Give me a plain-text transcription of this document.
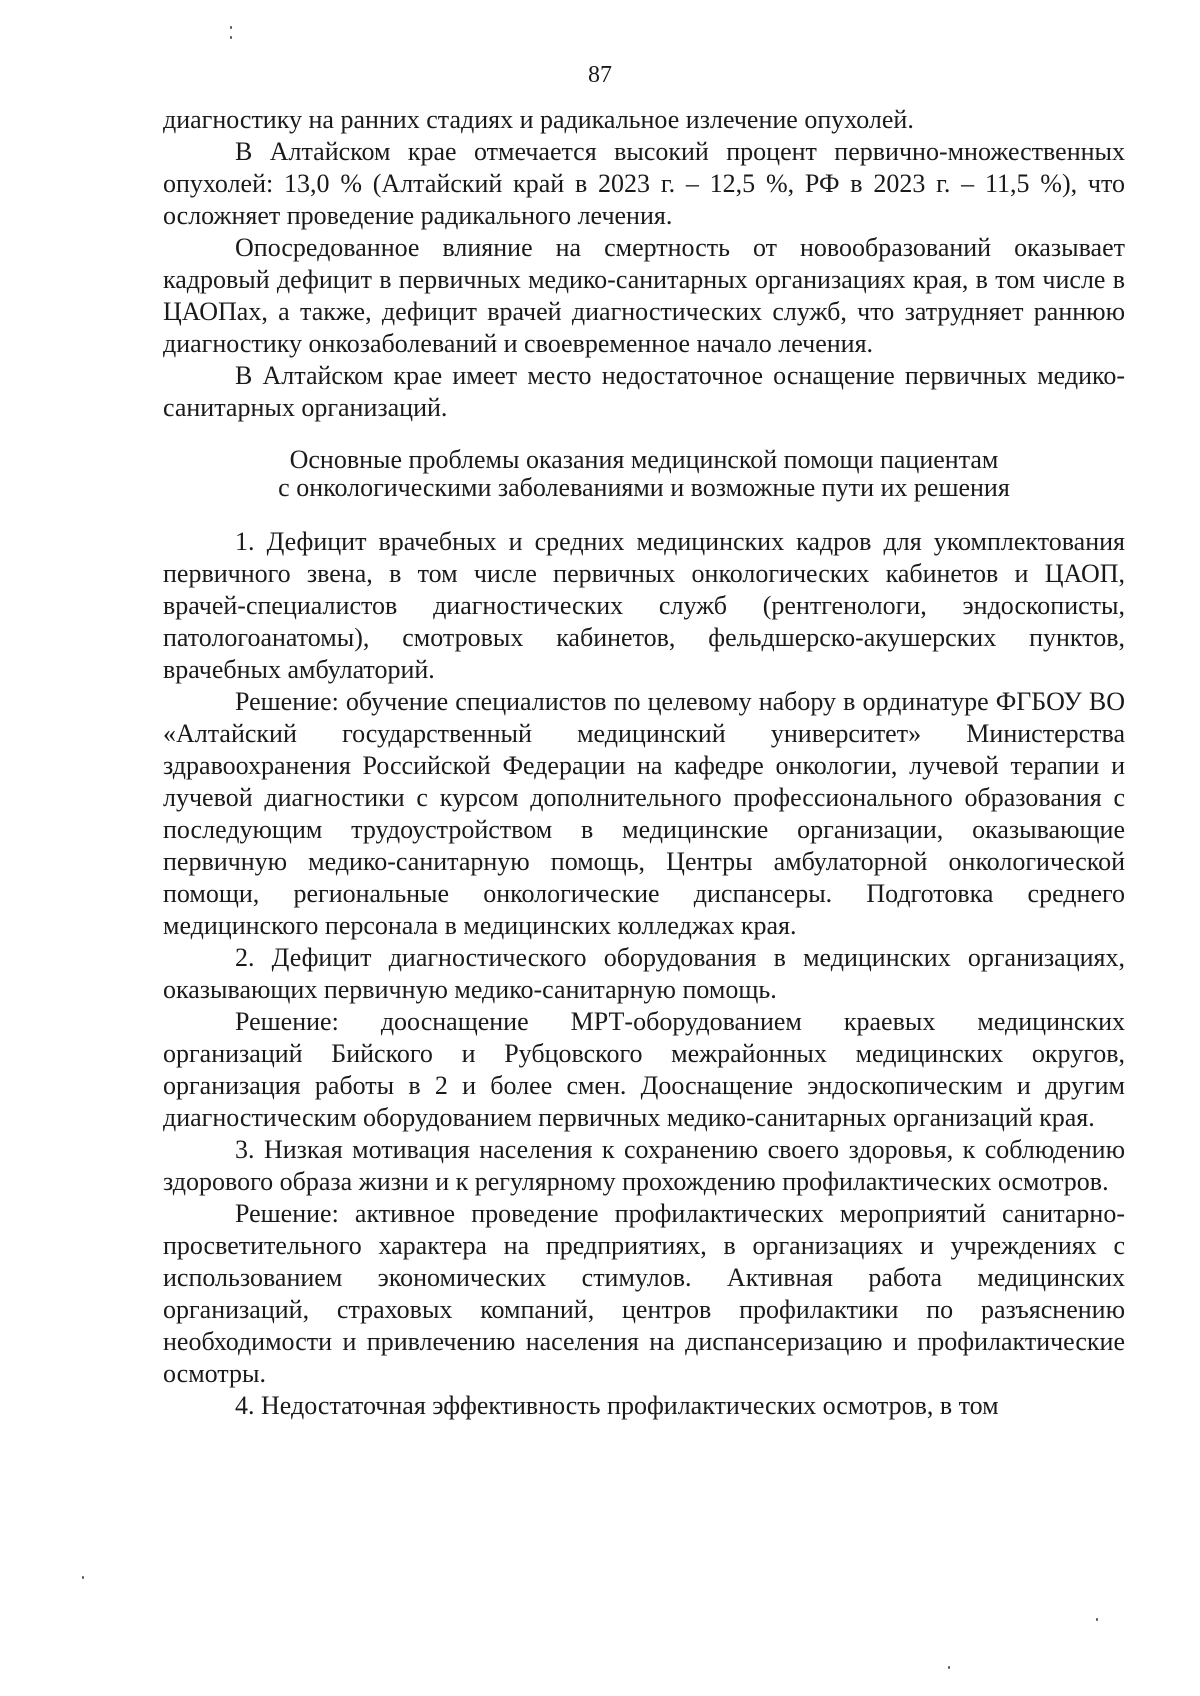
87

диагностику на ранних стадиях и радикальное излечение опухолей.

В Алтайском крае отмечается высокий процент первично-множественных опухолей: 13,0 % (Алтайский край в 2023 г. – 12,5 %, РФ в 2023 г. – 11,5 %), что осложняет проведение радикального лечения.

Опосредованное влияние на смертность от новообразований оказывает кадровый дефицит в первичных медико-санитарных организациях края, в том числе в ЦАОПах, а также, дефицит врачей диагностических служб, что затрудняет раннюю диагностику онкозаболеваний и своевременное начало лечения.

В Алтайском крае имеет место недостаточное оснащение первичных медико-санитарных организаций.

Основные проблемы оказания медицинской помощи пациентам
с онкологическими заболеваниями и возможные пути их решения

1. Дефицит врачебных и средних медицинских кадров для укомплектования первичного звена, в том числе первичных онкологических кабинетов и ЦАОП, врачей-специалистов диагностических служб (рентгенологи, эндоскописты, патологоанатомы), смотровых кабинетов, фельдшерско-акушерских пунктов, врачебных амбулаторий.

Решение: обучение специалистов по целевому набору в ординатуре ФГБОУ ВО «Алтайский государственный медицинский университет» Министерства здравоохранения Российской Федерации на кафедре онкологии, лучевой терапии и лучевой диагностики с курсом дополнительного профессионального образования с последующим трудоустройством в медицинские организации, оказывающие первичную медико-санитарную помощь, Центры амбулаторной онкологической помощи, региональные онкологические диспансеры. Подготовка среднего медицинского персонала в медицинских колледжах края.

2. Дефицит диагностического оборудования в медицинских организациях, оказывающих первичную медико-санитарную помощь.

Решение: дооснащение МРТ-оборудованием краевых медицинских организаций Бийского и Рубцовского межрайонных медицинских округов, организация работы в 2 и более смен. Дооснащение эндоскопическим и другим диагностическим оборудованием первичных медико-санитарных организаций края.

3. Низкая мотивация населения к сохранению своего здоровья, к соблюдению здорового образа жизни и к регулярному прохождению профилактических осмотров.

Решение: активное проведение профилактических мероприятий санитарно-просветительного характера на предприятиях, в организациях и учреждениях с использованием экономических стимулов. Активная работа медицинских организаций, страховых компаний, центров профилактики по разъяснению необходимости и привлечению населения на диспансеризацию и профилактические осмотры.

4. Недостаточная эффективность профилактических осмотров, в том
